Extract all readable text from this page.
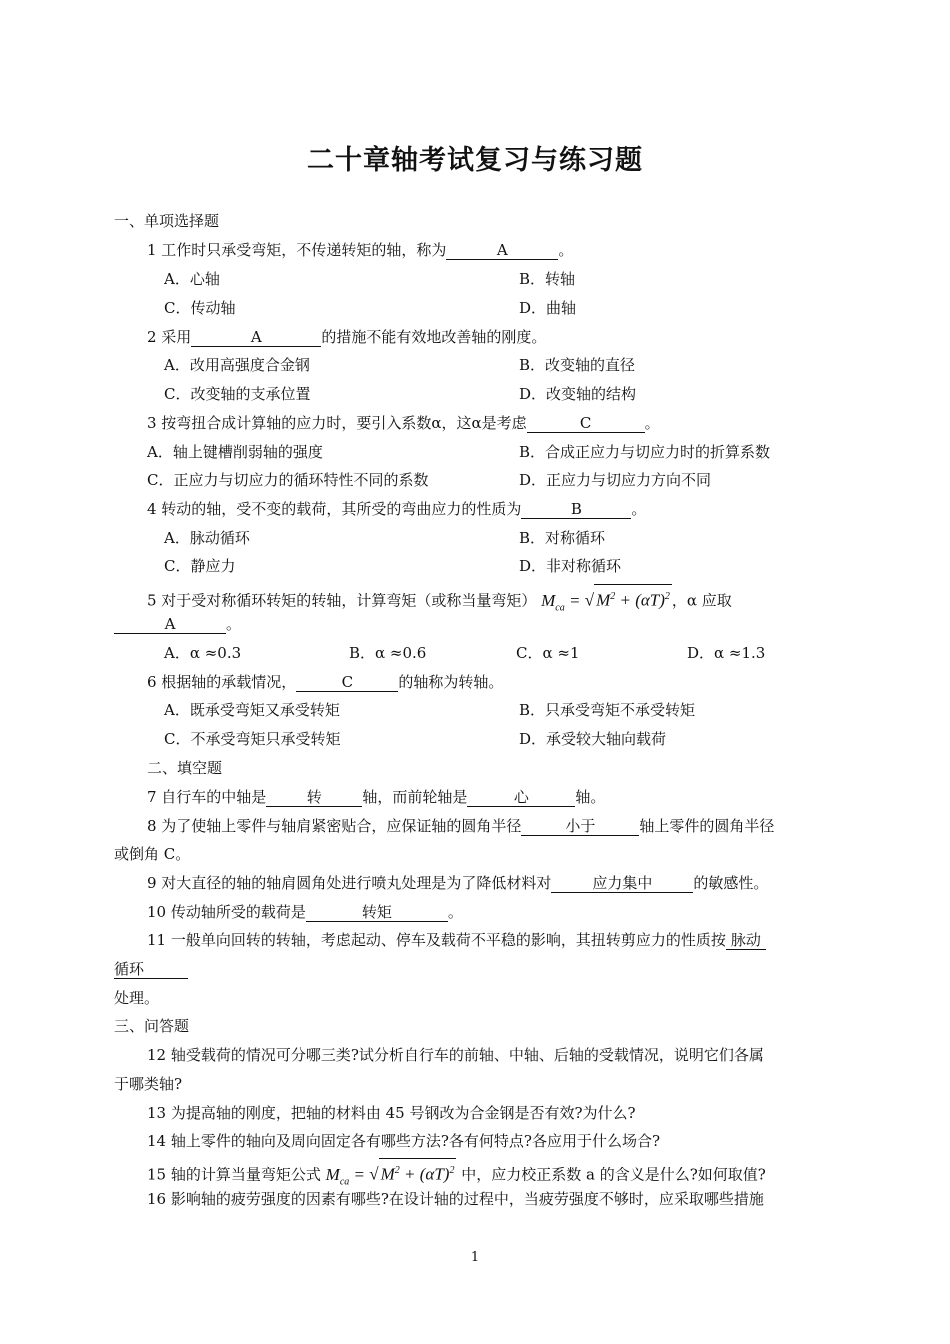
二十章轴考试复习与练习题
一、单项选择题
1 工作时只承受弯矩，不传递转矩的轴，称为	A	。
A．心轴	B．转轴
C．传动轴	D．曲轴
2 采用	A	的措施不能有效地改善轴的刚度。
A．改用高强度合金钢	B．改变轴的直径
C．改变轴的支承位置	D．改变轴的结构
3 按弯扭合成计算轴的应力时，要引入系数α，这α是考虑	C	。
A．轴上键槽削弱轴的强度	B．合成正应力与切应力时的折算系数
C．正应力与切应力的循环特性不同的系数	D．正应力与切应力方向不同
4 转动的轴，受不变的载荷，其所受的弯曲应力的性质为	B	。
A．脉动循环	B．对称循环
C．静应力	D．非对称循环
5 对于受对称循环转矩的转轴，计算弯矩（或称当量弯矩） $M_{ca}$ = √ $M^2 + (\alpha T)^2$ ，α 应取
A	。
A．α ≈0.3	B．α ≈0.6	C．α ≈1	D．α ≈1.3
6 根据轴的承载情况，	C	的轴称为转轴。
A．既承受弯矩又承受转矩	B．只承受弯矩不承受转矩
C．不承受弯矩只承受转矩	D．承受较大轴向载荷
二、填空题
7 自行车的中轴是	转	轴，而前轮轴是	心	轴。
8 为了使轴上零件与轴肩紧密贴合，应保证轴的圆角半径	小于	轴上零件的圆角半径
或倒角 C。
9 对大直径的轴的轴肩圆角处进行喷丸处理是为了降低材料对	应力集中	的敏感性。
10 传动轴所受的载荷是	转矩	。
11 一般单向回转的转轴，考虑起动、停车及载荷不平稳的影响，其扭转剪应力的性质按 脉动
循环
处理。
三、问答题
12 轴受载荷的情况可分哪三类?试分析自行车的前轴、中轴、后轴的受载情况，说明它们各属
于哪类轴?
13 为提高轴的刚度，把轴的材料由 45 号钢改为合金钢是否有效?为什么?
14 轴上零件的轴向及周向固定各有哪些方法?各有何特点?各应用于什么场合?
15 轴的计算当量弯矩公式 $M_{ca}$ = √ $M^2 + (\alpha T)^2$ 中，应力校正系数 a 的含义是什么?如何取值?
16 影响轴的疲劳强度的因素有哪些?在设计轴的过程中，当疲劳强度不够时，应采取哪些措施
1
